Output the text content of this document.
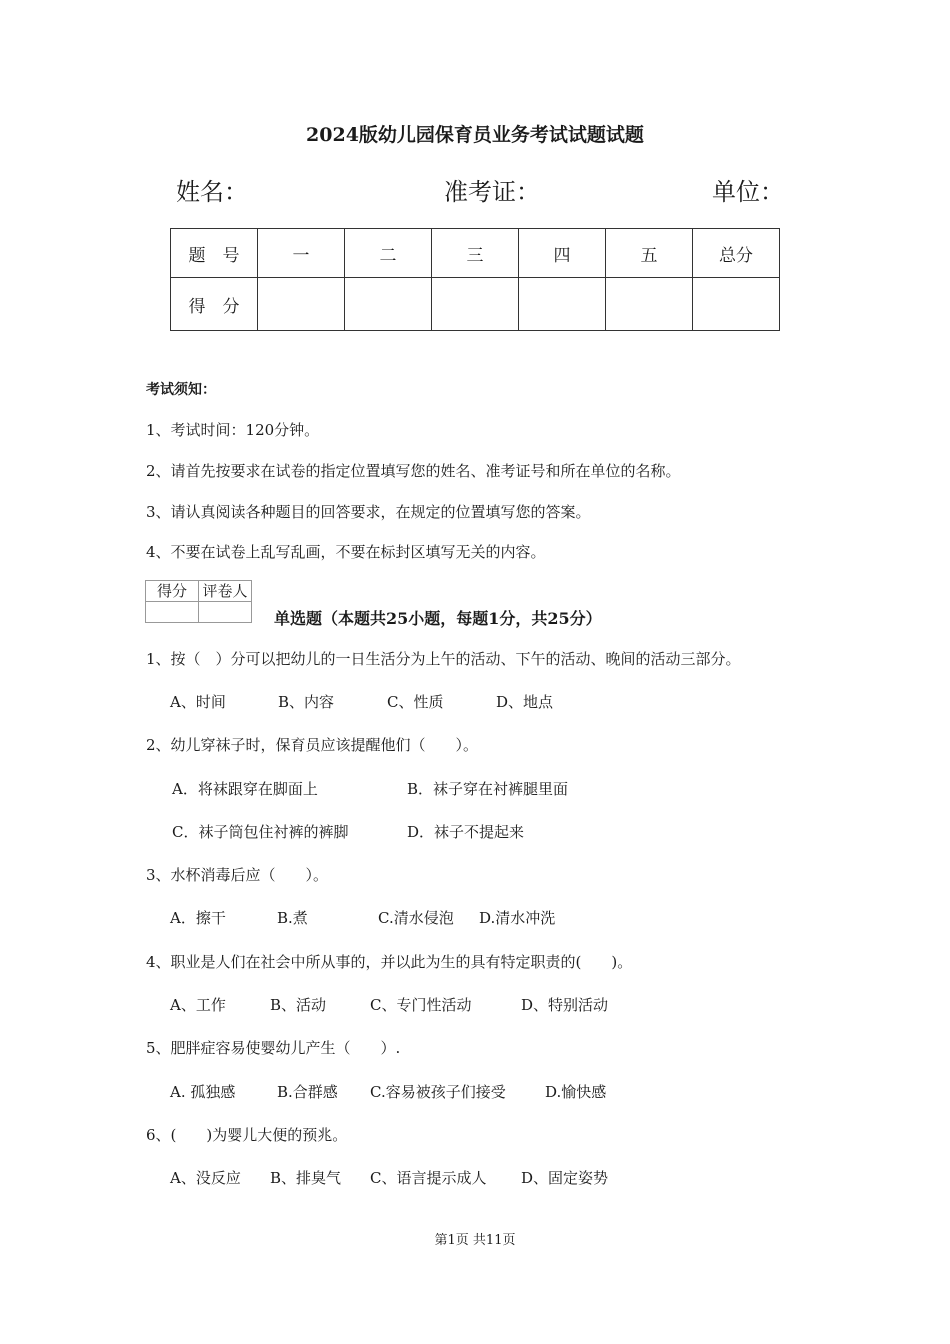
2024版幼儿园保育员业务考试试题试题
姓名：	准考证：	单位：
题　号	一	二	三	四	五	总分
得　分						
考试须知：
1、考试时间：120分钟。
2、请首先按要求在试卷的指定位置填写您的姓名、准考证号和所在单位的名称。
3、请认真阅读各种题目的回答要求，在规定的位置填写您的答案。
4、不要在试卷上乱写乱画，不要在标封区填写无关的内容。
得分	评卷人

单选题（本题共25小题，每题1分，共25分）
1、按（　）分可以把幼儿的一日生活分为上午的活动、下午的活动、晚间的活动三部分。
A、时间	B、内容	C、性质	D、地点
2、幼儿穿袜子时，保育员应该提醒他们（　　）。
A．将袜跟穿在脚面上	B．袜子穿在衬裤腿里面
C．袜子筒包住衬裤的裤脚	D．袜子不提起来
3、水杯消毒后应（　　）。
A．擦干	B.煮	C.清水侵泡 D.清水冲洗
4、职业是人们在社会中所从事的，并以此为生的具有特定职责的(　　)。
A、工作	B、活动	C、专门性活动	D、特别活动
5、肥胖症容易使婴幼儿产生（　　）.
A. 孤独感	B.合群感 C.容易被孩子们接受	D.愉快感
6、(　　)为婴儿大便的预兆。
A、没反应 B、排臭气 C、语言提示成人 D、固定姿势
第1页 共11页
